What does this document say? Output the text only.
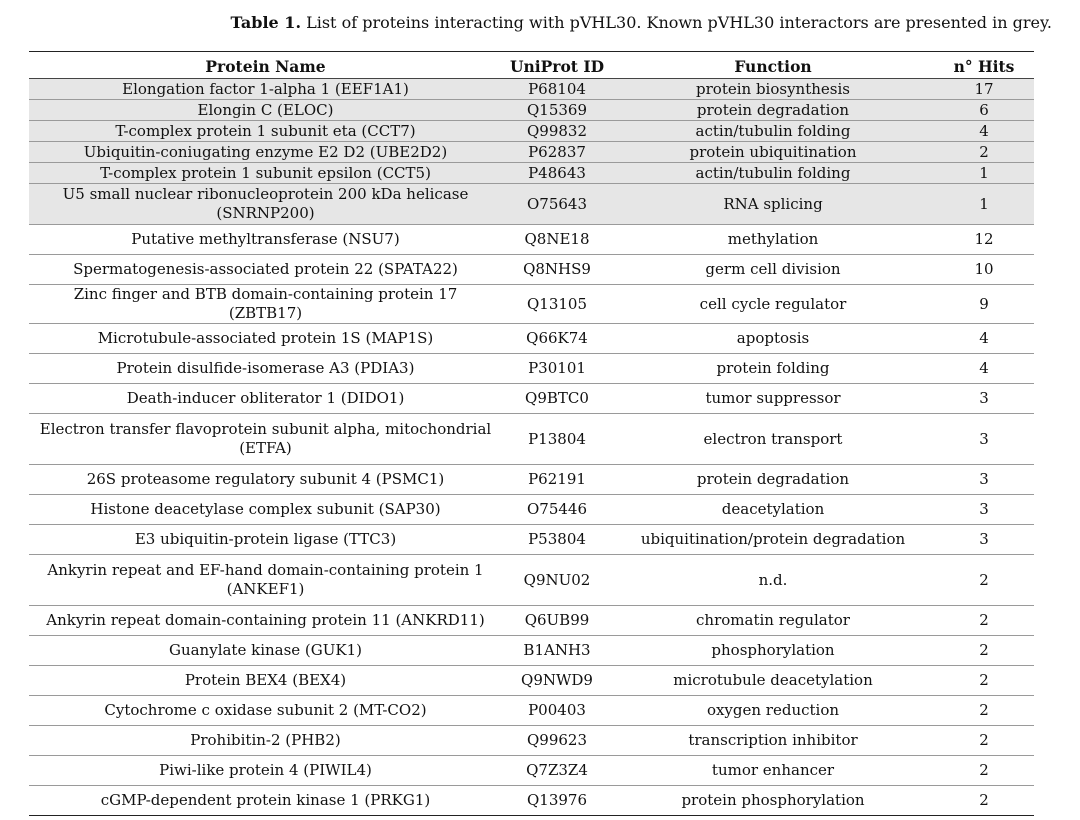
Table 1. List of proteins interacting with pVHL30. Known pVHL30 interactors are presented in grey.
Protein Name	UniProt ID	Function	n° Hits
Elongation factor 1-alpha 1 (EEF1A1)	P68104	protein biosynthesis	17
Elongin C (ELOC)	Q15369	protein degradation	6
T-complex protein 1 subunit eta (CCT7)	Q99832	actin/tubulin folding	4
Ubiquitin-coniugating enzyme E2 D2 (UBE2D2)	P62837	protein ubiquitination	2
T-complex protein 1 subunit epsilon (CCT5)	P48643	actin/tubulin folding	1
U5 small nuclear ribonucleoprotein 200 kDa helicase (SNRNP200)	O75643	RNA splicing	1
Putative methyltransferase (NSU7)	Q8NE18	methylation	12
Spermatogenesis-associated protein 22 (SPATA22)	Q8NHS9	germ cell division	10
Zinc finger and BTB domain-containing protein 17 (ZBTB17)	Q13105	cell cycle regulator	9
Microtubule-associated protein 1S (MAP1S)	Q66K74	apoptosis	4
Protein disulfide-isomerase A3 (PDIA3)	P30101	protein folding	4
Death-inducer obliterator 1 (DIDO1)	Q9BTC0	tumor suppressor	3
Electron transfer flavoprotein subunit alpha, mitochondrial (ETFA)	P13804	electron transport	3
26S proteasome regulatory subunit 4 (PSMC1)	P62191	protein degradation	3
Histone deacetylase complex subunit (SAP30)	O75446	deacetylation	3
E3 ubiquitin-protein ligase (TTC3)	P53804	ubiquitination/protein degradation	3
Ankyrin repeat and EF-hand domain-containing protein 1 (ANKEF1)	Q9NU02	n.d.	2
Ankyrin repeat domain-containing protein 11 (ANKRD11)	Q6UB99	chromatin regulator	2
Guanylate kinase (GUK1)	B1ANH3	phosphorylation	2
Protein BEX4 (BEX4)	Q9NWD9	microtubule deacetylation	2
Cytochrome c oxidase subunit 2 (MT-CO2)	P00403	oxygen reduction	2
Prohibitin-2 (PHB2)	Q99623	transcription inhibitor	2
Piwi-like protein 4 (PIWIL4)	Q7Z3Z4	tumor enhancer	2
cGMP-dependent protein kinase 1 (PRKG1)	Q13976	protein phosphorylation	2
